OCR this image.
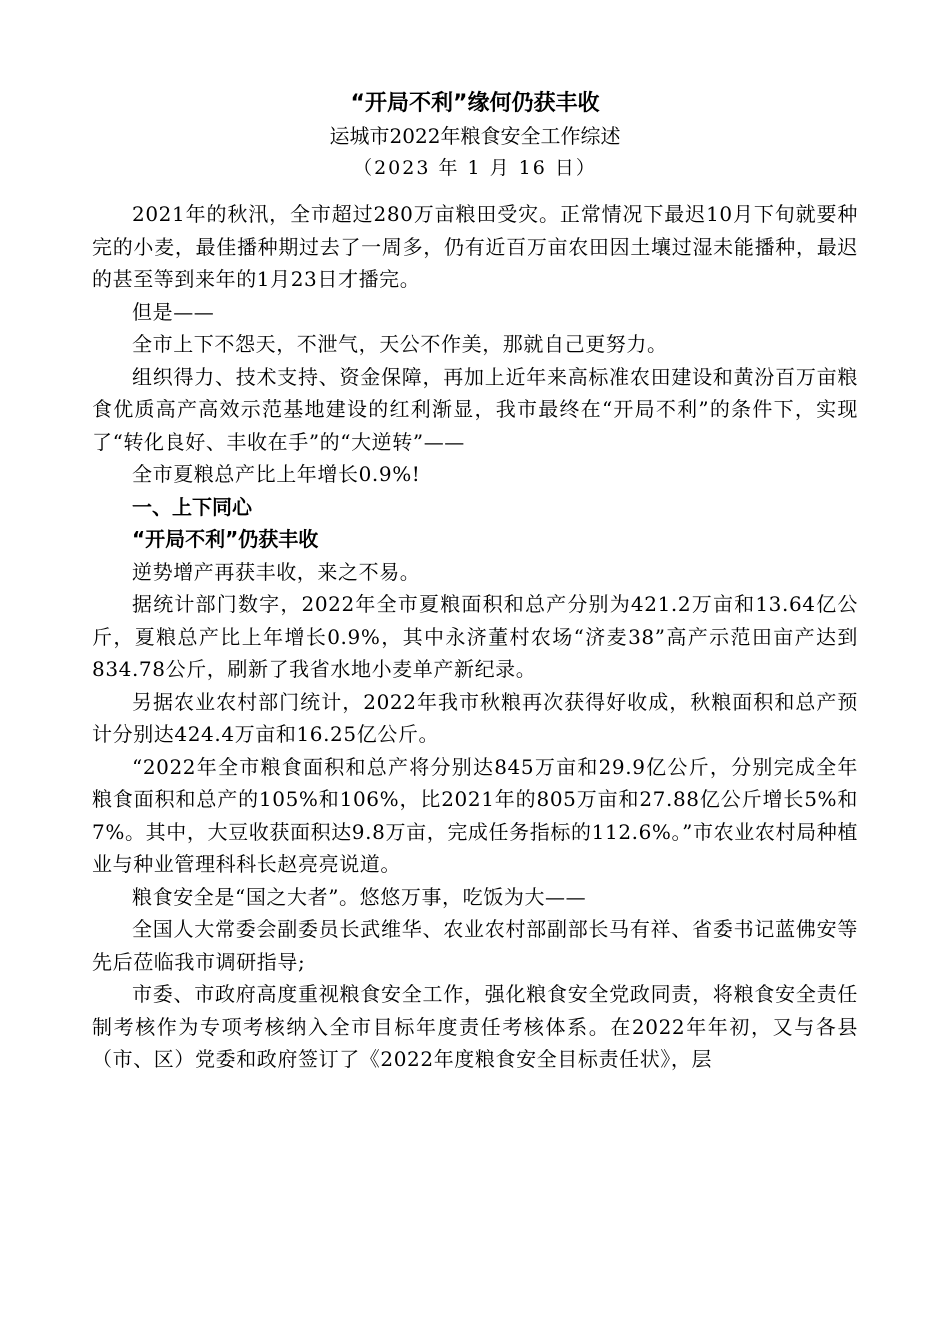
“开局不利”缘何仍获丰收

运城市2022年粮食安全工作综述

（2023 年 1 月 16 日）

2021年的秋汛，全市超过280万亩粮田受灾。正常情况下最迟10月下旬就要种完的小麦，最佳播种期过去了一周多，仍有近百万亩农田因土壤过湿未能播种，最迟的甚至等到来年的1月23日才播完。

但是——

全市上下不怨天，不泄气，天公不作美，那就自己更努力。

组织得力、技术支持、资金保障，再加上近年来高标准农田建设和黄汾百万亩粮食优质高产高效示范基地建设的红利渐显，我市最终在“开局不利”的条件下，实现了“转化良好、丰收在手”的“大逆转”——

全市夏粮总产比上年增长0.9%!

一、上下同心

“开局不利”仍获丰收

逆势增产再获丰收，来之不易。

据统计部门数字，2022年全市夏粮面积和总产分别为421.2万亩和13.64亿公斤，夏粮总产比上年增长0.9%，其中永济董村农场“济麦38”高产示范田亩产达到834.78公斤，刷新了我省水地小麦单产新纪录。

另据农业农村部门统计，2022年我市秋粮再次获得好收成，秋粮面积和总产预计分别达424.4万亩和16.25亿公斤。

“2022年全市粮食面积和总产将分别达845万亩和29.9亿公斤，分别完成全年粮食面积和总产的105%和106%，比2021年的805万亩和27.88亿公斤增长5%和7%。其中，大豆收获面积达9.8万亩，完成任务指标的112.6%。”市农业农村局种植业与种业管理科科长赵亮亮说道。

粮食安全是“国之大者”。悠悠万事，吃饭为大——

全国人大常委会副委员长武维华、农业农村部副部长马有祥、省委书记蓝佛安等先后莅临我市调研指导;

市委、市政府高度重视粮食安全工作，强化粮食安全党政同责，将粮食安全责任制考核作为专项考核纳入全市目标年度责任考核体系。在2022年年初，又与各县（市、区）党委和政府签订了《2022年度粮食安全目标责任状》，层
